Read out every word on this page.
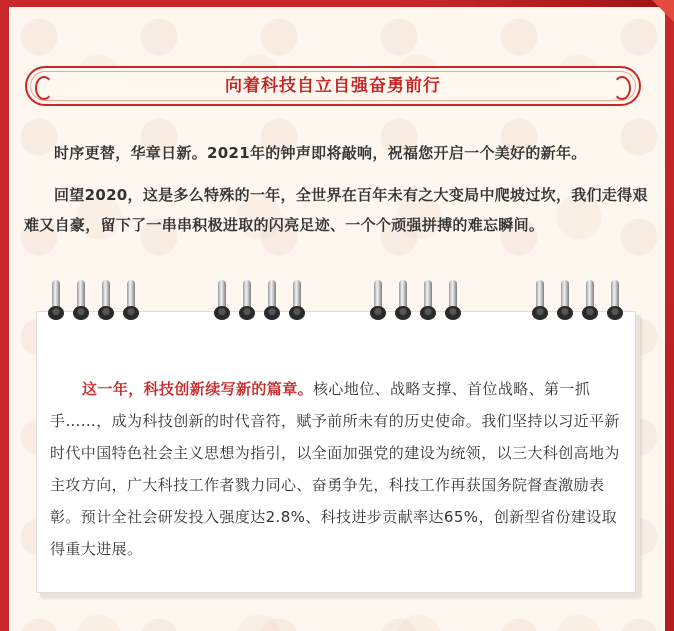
向着科技自立自强奋勇前行

时序更替，华章日新。2021年的钟声即将敲响，祝福您开启一个美好的新年。

回望2020，这是多么特殊的一年，全世界在百年未有之大变局中爬坡过坎，我们走得艰难又自豪，留下了一串串积极进取的闪亮足迹、一个个顽强拼搏的难忘瞬间。

这一年，科技创新续写新的篇章。核心地位、战略支撑、首位战略、第一抓手……，成为科技创新的时代音符，赋予前所未有的历史使命。我们坚持以习近平新时代中国特色社会主义思想为指引，以全面加强党的建设为统领，以三大科创高地为主攻方向，广大科技工作者戮力同心、奋勇争先，科技工作再获国务院督查激励表彰。预计全社会研发投入强度达2.8%、科技进步贡献率达65%，创新型省份建设取得重大进展。
